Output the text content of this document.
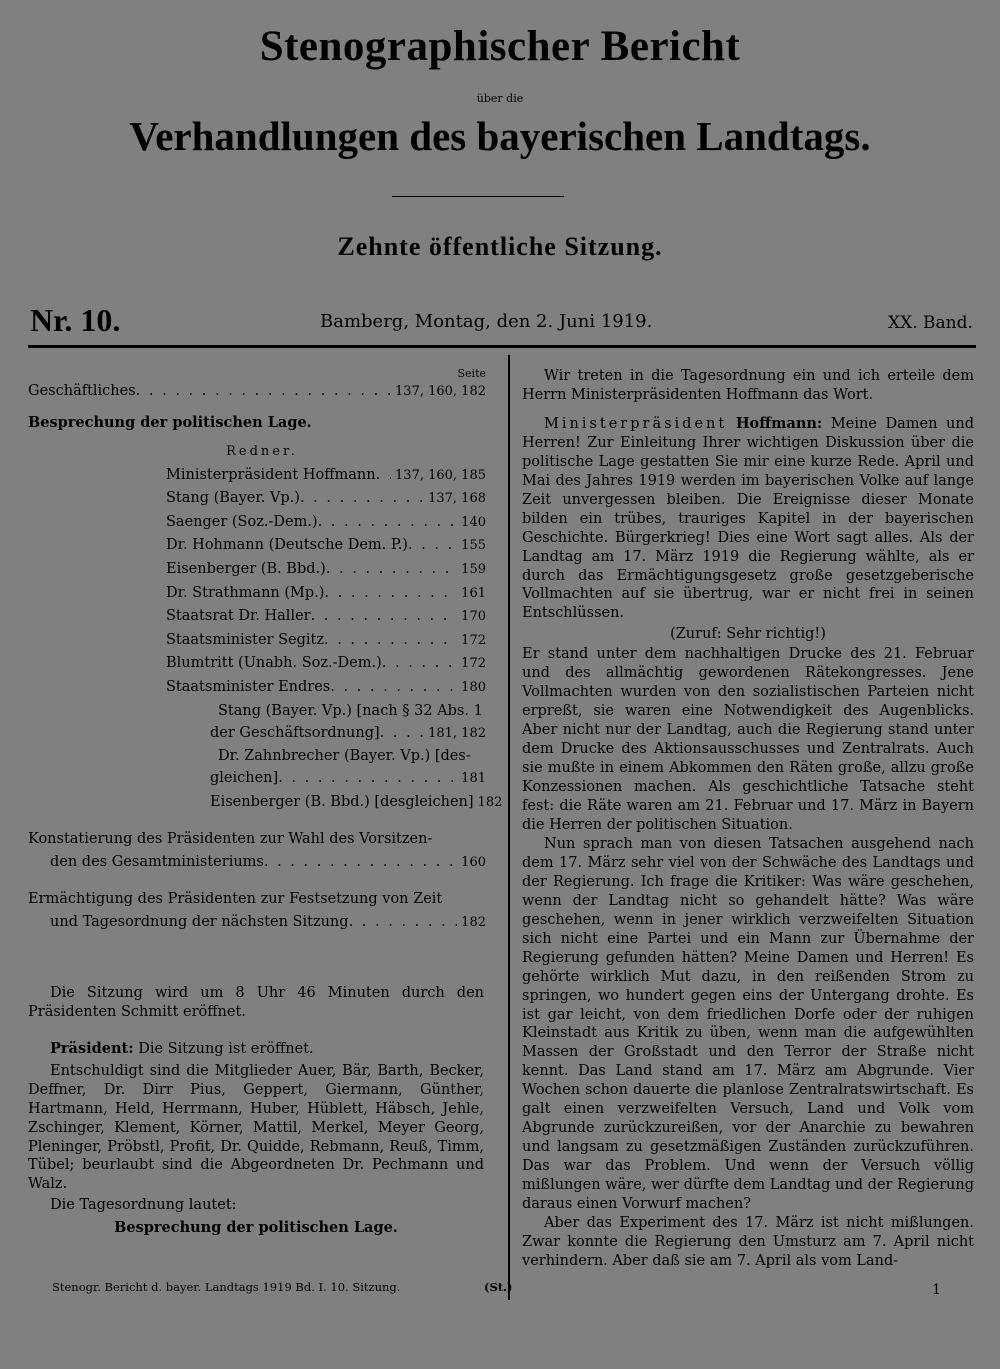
Stenographischer Bericht
über die
Verhandlungen des bayerischen Landtags.
Zehnte öffentliche Sitzung.
Nr. 10.	Bamberg, Montag, den 2. Juni 1919.	XX. Band.
Seite
Geschäftliches . . .	137, 160, 182
Besprechung der politischen Lage.
Redner.
Ministerpräsident Hoffmann . . .	137, 160, 185
Stang (Bayer. Vp.) . . .	137, 168
Saenger (Soz.-Dem.) . . .	140
Dr. Hohmann (Deutsche Dem. P.) . . .	155
Eisenberger (B. Bbd.) . . .	159
Dr. Strathmann (Mp.) . . .	161
Staatsrat Dr. Haller . . .	170
Staatsminister Segitz . . .	172
Blumtritt (Unabh. Soz.-Dem.) . . .	172
Staatsminister Endres . . .	180
Stang (Bayer. Vp.) [nach § 32 Abs. 1
der Geschäftsordnung] . . .	181, 182
Dr. Zahnbrecher (Bayer. Vp.) [des-
gleichen] . . .	181
Eisenberger (B. Bbd.) [desgleichen] 182
Konstatierung des Präsidenten zur Wahl des Vorsitzen-
den des Gesamtministeriums . . .	160
Ermächtigung des Präsidenten zur Festsetzung von Zeit
und Tagesordnung der nächsten Sitzung . . .	182
Die Sitzung wird um 8 Uhr 46 Minuten durch den Präsidenten Schmitt eröffnet.
Präsident: Die Sitzung ist eröffnet.
Entschuldigt sind die Mitglieder Auer, Bär, Barth, Becker, Deffner, Dr. Dirr Pius, Geppert, Giermann, Günther, Hartmann, Held, Herrmann, Huber, Hüblett, Häbsch, Jehle, Zschinger, Klement, Körner, Mattil, Merkel, Meyer Georg, Pleninger, Pröbstl, Profit, Dr. Quidde, Rebmann, Reuß, Timm, Tübel; beurlaubt sind die Abgeordneten Dr. Pechmann und Walz.
Die Tagesordnung lautet:
Besprechung der politischen Lage.
Wir treten in die Tagesordnung ein und ich erteile dem Herrn Ministerpräsidenten Hoffmann das Wort.
Ministerpräsident Hoffmann: Meine Damen und Herren! Zur Einleitung Ihrer wichtigen Diskussion über die politische Lage gestatten Sie mir eine kurze Rede. April und Mai des Jahres 1919 werden im bayerischen Volke auf lange Zeit unvergessen bleiben. Die Ereignisse dieser Monate bilden ein trübes, trauriges Kapitel in der bayerischen Geschichte. Bürgerkrieg! Dies eine Wort sagt alles. Als der Landtag am 17. März 1919 die Regierung wählte, als er durch das Ermächtigungsgesetz große gesetzgeberische Vollmachten auf sie übertrug, war er nicht frei in seinen Entschlüssen.
(Zuruf: Sehr richtig!)
Er stand unter dem nachhaltigen Drucke des 21. Februar und des allmächtig gewordenen Rätekongresses. Jene Vollmachten wurden von den sozialistischen Parteien nicht erpreßt, sie waren eine Notwendigkeit des Augenblicks. Aber nicht nur der Landtag, auch die Regierung stand unter dem Drucke des Aktionsausschusses und Zentralrats. Auch sie mußte in einem Abkommen den Räten große, allzu große Konzessionen machen. Als geschichtliche Tatsache steht fest: die Räte waren am 21. Februar und 17. März in Bayern die Herren der politischen Situation.
Nun sprach man von diesen Tatsachen ausgehend nach dem 17. März sehr viel von der Schwäche des Landtags und der Regierung. Ich frage die Kritiker: Was wäre geschehen, wenn der Landtag nicht so gehandelt hätte? Was wäre geschehen, wenn in jener wirklich verzweifelten Situation sich nicht eine Partei und ein Mann zur Übernahme der Regierung gefunden hätten? Meine Damen und Herren! Es gehörte wirklich Mut dazu, in den reißenden Strom zu springen, wo hundert gegen eins der Untergang drohte. Es ist gar leicht, von dem friedlichen Dorfe oder der ruhigen Kleinstadt aus Kritik zu üben, wenn man die aufgewühlten Massen der Großstadt und den Terror der Straße nicht kennt. Das Land stand am 17. März am Abgrunde. Vier Wochen schon dauerte die planlose Zentralratswirtschaft. Es galt einen verzweifelten Versuch, Land und Volk vom Abgrunde zurückzureißen, vor der Anarchie zu bewahren und langsam zu gesetzmäßigen Zuständen zurückzuführen. Das war das Problem. Und wenn der Versuch völlig mißlungen wäre, wer dürfte dem Landtag und der Regierung daraus einen Vorwurf machen?
Aber das Experiment des 17. März ist nicht mißlungen. Zwar konnte die Regierung den Umsturz am 7. April nicht verhindern. Aber daß sie am 7. April als vom Land-
Stenogr. Bericht d. bayer. Landtags 1919 Bd. I. 10. Sitzung.	(St.)	1
